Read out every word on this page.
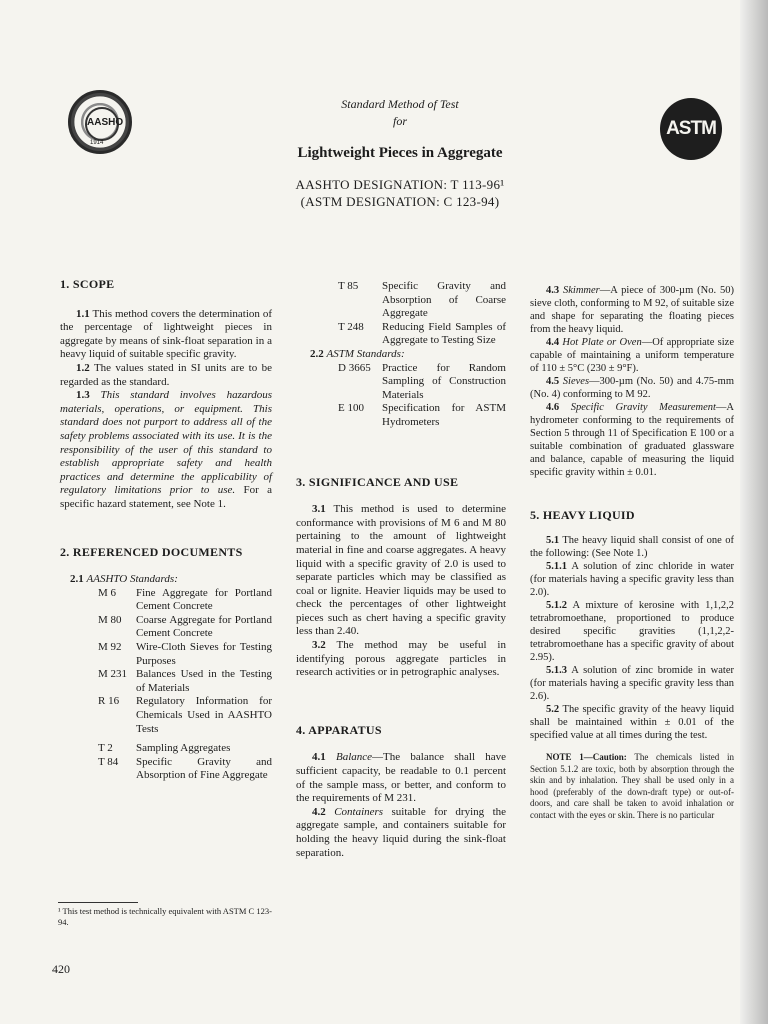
AASHO
1914
ASTM
Standard Method of Test
for
Lightweight Pieces in Aggregate
AASHTO DESIGNATION: T 113-96¹
(ASTM DESIGNATION: C 123-94)
1. SCOPE

1.1 This method covers the determination of the percentage of lightweight pieces in aggregate by means of sink-float separation in a heavy liquid of suitable specific gravity.

1.2 The values stated in SI units are to be regarded as the standard.

1.3 This standard involves hazardous materials, operations, or equipment. This standard does not purport to address all of the safety problems associated with its use. It is the responsibility of the user of this standard to establish appropriate safety and health practices and determine the applicability of regulatory limitations prior to use. For a specific hazard statement, see Note 1.

2. REFERENCED DOCUMENTS
2.1 AASHTO Standards:
M 6	Fine Aggregate for Portland Cement Concrete
M 80	Coarse Aggregate for Portland Cement Concrete
M 92	Wire-Cloth Sieves for Testing Purposes
M 231 Balances Used in the Testing of Materials
R 16	Regulatory Information for Chemicals Used in AASHTO Tests
T 2	Sampling Aggregates
T 84	Specific Gravity and Absorption of Fine Aggregate
¹ This test method is technically equivalent with ASTM C 123-94.
420
T 85	Specific Gravity and Absorption of Coarse Aggregate
T 248	Reducing Field Samples of Aggregate to Testing Size
2.2 ASTM Standards:
D 3665	Practice for Random Sampling of Construction Materials
E 100	Specification for ASTM Hydrometers
3. SIGNIFICANCE AND USE

3.1 This method is used to determine conformance with provisions of M 6 and M 80 pertaining to the amount of lightweight material in fine and coarse aggregates. A heavy liquid with a specific gravity of 2.0 is used to separate particles which may be classified as coal or lignite. Heavier liquids may be used to check the percentages of other lightweight pieces such as chert having a specific gravity less than 2.40.

3.2 The method may be useful in identifying porous aggregate particles in research activities or in petrographic analyses.

4. APPARATUS

4.1 Balance—The balance shall have sufficient capacity, be readable to 0.1 percent of the sample mass, or better, and conform to the requirements of M 231.

4.2 Containers suitable for drying the aggregate sample, and containers suitable for holding the heavy liquid during the sink-float separation.

4.3 Skimmer—A piece of 300-µm (No. 50) sieve cloth, conforming to M 92, of suitable size and shape for separating the floating pieces from the heavy liquid.

4.4 Hot Plate or Oven—Of appropriate size capable of maintaining a uniform temperature of 110 ± 5°C (230 ± 9°F).

4.5 Sieves—300-µm (No. 50) and 4.75-mm (No. 4) conforming to M 92.

4.6 Specific Gravity Measurement—A hydrometer conforming to the requirements of Section 5 through 11 of Specification E 100 or a suitable combination of graduated glassware and balance, capable of measuring the liquid specific gravity within ± 0.01.

5. HEAVY LIQUID

5.1 The heavy liquid shall consist of one of the following: (See Note 1.)

5.1.1 A solution of zinc chloride in water (for materials having a specific gravity less than 2.0).

5.1.2 A mixture of kerosine with 1,1,2,2 tetrabromoethane, proportioned to produce desired specific gravities (1,1,2,2-tetrabromoethane has a specific gravity of about 2.95).

5.1.3 A solution of zinc bromide in water (for materials having a specific gravity less than 2.6).

5.2 The specific gravity of the heavy liquid shall be maintained within ± 0.01 of the specified value at all times during the test.

NOTE 1—Caution: The chemicals listed in Section 5.1.2 are toxic, both by absorption through the skin and by inhalation. They shall be used only in a hood (preferably of the down-draft type) or out-of-doors, and care shall be taken to avoid inhalation or contact with the eyes or skin. There is no particular
